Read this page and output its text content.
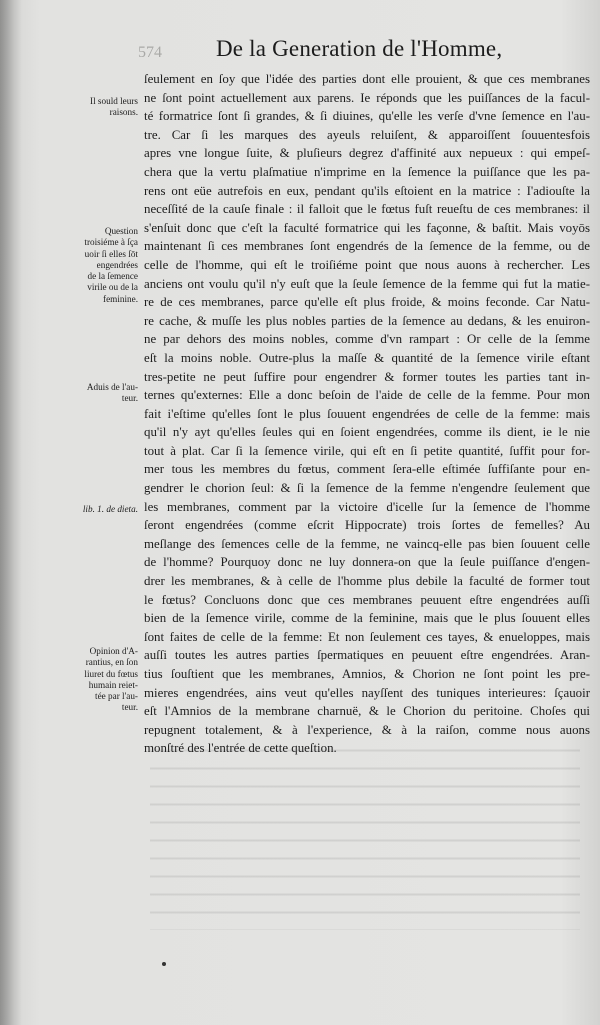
574 De la Generation de l'Homme,
Il sould leurs
raisons.
Question
troisiéme à ſça
uoir ſi elles ſōt
engendrées
de la ſemence
virile ou de la
feminine.
Aduis de l'au-
teur.
lib. 1. de dieta.
Opinion d'A-
rantius, en ſon
liuret du fœtus
humain reiet-
tée par l'au-
teur.
ſeulement en ſoy que l'idée des parties dont elle prouient, & que ces membranes
ne ſont point actuellement aux parens. Ie réponds que les puiſſances de la facul-
té formatrice ſont ſi grandes, & ſi diuines, qu'elle les verſe d'vne ſemence en l'au-
tre. Car ſi les marques des ayeuls reluiſent, & apparoiſſent ſouuentesfois
apres vne longue ſuite, & pluſieurs degrez d'affinité aux nepueux : qui empeſ-
chera que la vertu plaſmatiue n'imprime en la ſemence la puiſſance que les pa-
rens ont eüe autrefois en eux, pendant qu'ils eſtoient en la matrice : I'adiouſte la
neceſſité de la cauſe finale : il falloit que le fœtus fuſt reueſtu de ces membranes: il
s'enſuit donc que c'eſt la faculté formatrice qui les façonne, & baſtit. Mais voyōs
maintenant ſi ces membranes ſont engendrés de la ſemence de la femme, ou de
celle de l'homme, qui eſt le troiſiéme point que nous auons à rechercher. Les
anciens ont voulu qu'il n'y euſt que la ſeule ſemence de la femme qui fut la matie-
re de ces membranes, parce qu'elle eſt plus froide, & moins feconde. Car Natu-
re cache, & muſſe les plus nobles parties de la ſemence au dedans, & les enuiron-
ne par dehors des moins nobles, comme d'vn rampart : Or celle de la ſemme
eſt la moins noble. Outre-plus la maſſe & quantité de la ſemence virile eſtant
tres-petite ne peut ſuffire pour engendrer & former toutes les parties tant in-
ternes qu'externes: Elle a donc beſoin de l'aide de celle de la femme. Pour mon
fait i'eſtime qu'elles ſont le plus ſouuent engendrées de celle de la femme: mais
qu'il n'y ayt qu'elles ſeules qui en ſoient engendrées, comme ils dient, ie le nie
tout à plat. Car ſi la ſemence virile, qui eſt en ſi petite quantité, ſuffit pour for-
mer tous les membres du fœtus, comment ſera-elle eſtimée ſuffiſante pour en-
gendrer le chorion ſeul: & ſi la ſemence de la femme n'engendre ſeulement que
les membranes, comment par la victoire d'icelle ſur la ſemence de l'homme
ſeront engendrées (comme eſcrit Hippocrate) trois ſortes de femelles? Au
meſlange des ſemences celle de la femme, ne vaincq-elle pas bien ſouuent celle
de l'homme? Pourquoy donc ne luy donnera-on que la ſeule puiſſance d'engen-
drer les membranes, & à celle de l'homme plus debile la faculté de former tout
le fœtus? Concluons donc que ces membranes peuuent eſtre engendrées auſſi
bien de la ſemence virile, comme de la feminine, mais que le plus ſouuent elles
ſont faites de celle de la femme: Et non ſeulement ces tayes, & enueloppes, mais
auſſi toutes les autres parties ſpermatiques en peuuent eſtre engendrées. Aran-
tius ſouſtient que les membranes, Amnios, & Chorion ne ſont point les pre-
mieres engendrées, ains veut qu'elles nayſſent des tuniques interieures: ſçauoir
eſt l'Amnios de la membrane charnuë, & le Chorion du peritoine. Choſes qui
repugnent totalement, & à l'experience, & à la raiſon, comme nous auons
monſtré des l'entrée de cette queſtion.
